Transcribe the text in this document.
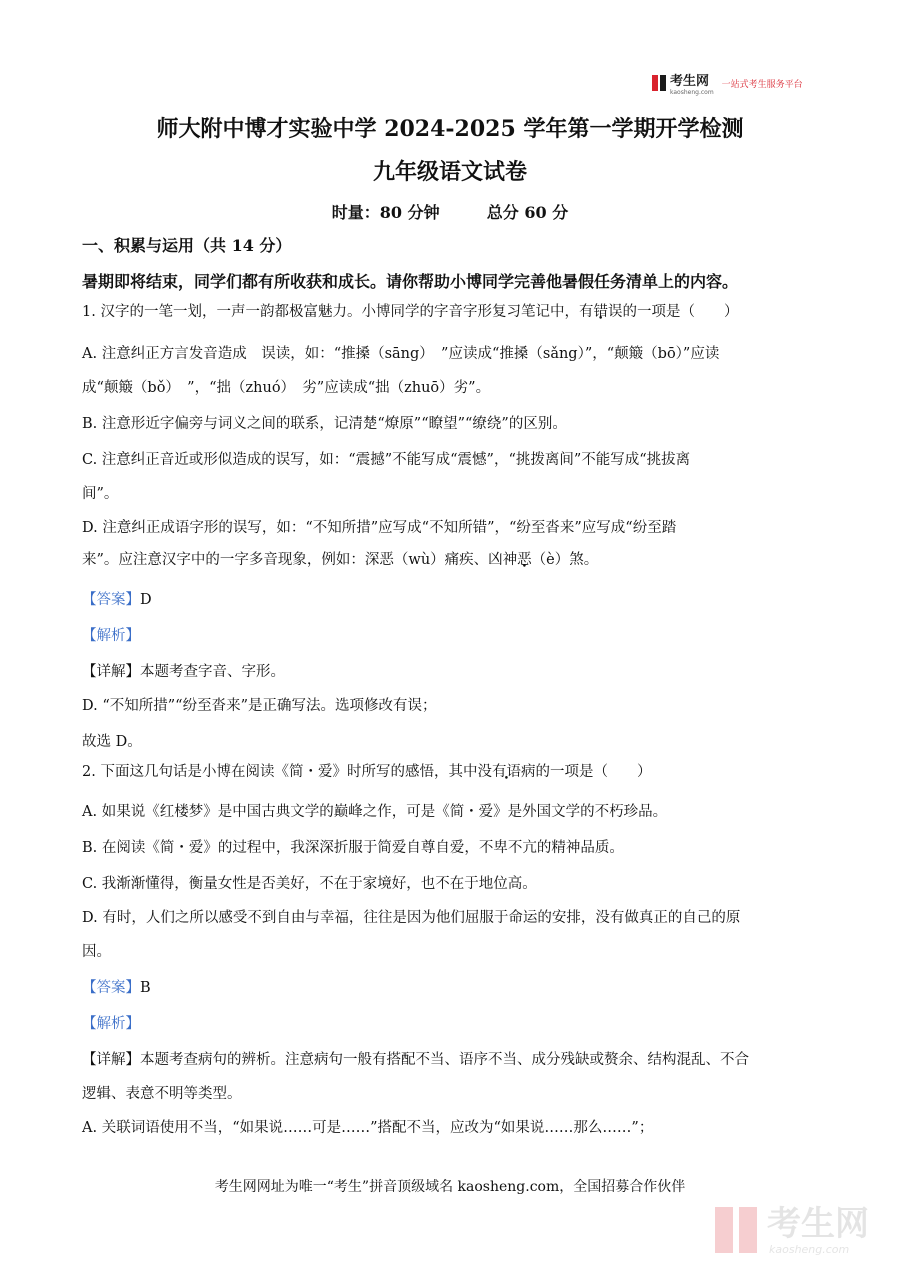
考生网
kaosheng.com
一站式考生服务平台
师大附中博才实验中学 2024-2025 学年第一学期开学检测
九年级语文试卷
时量：80 分钟	总分 60 分
一、积累与运用（共 14 分）
暑期即将结束，同学们都有所收获和成长。请你帮助小博同学完善他暑假任务清单上的内容。
1. 汉字的一笔一划，一声一韵都极富魅力。小博同学的字音字形复习笔记中，有错误的一项是（　　）
A. 注意纠正方言发音造成　误读，如：“推搡（sāng）　”应读成“推搡（sǎng）”，“颠簸（bō）”应读
成“颠簸（bǒ）　”，“拙（zhuó）　劣”应读成“拙（zhuō）劣”。
B. 注意形近字偏旁与词义之间的联系，记清楚“燎原”“瞭望”“缭绕”的区别。
C. 注意纠正音近或形似造成的误写，如：“震撼”不能写成“震憾”，“挑拨离间”不能写成“挑拔离
间”。
D. 注意纠正成语字形的误写，如：“不知所措”应写成“不知所错”，“纷至沓来”应写成“纷至踏
来”。应注意汉字中的一字多音现象，例如：深恶（wù）痛疾、凶神恶（è）煞。
【答案】D
【解析】
【详解】本题考查字音、字形。
D. “不知所措”“纷至沓来”是正确写法。选项修改有误；
故选 D。
2. 下面这几句话是小博在阅读《简・爱》时所写的感悟，其中没有语病的一项是（　　）
A. 如果说《红楼梦》是中国古典文学的巅峰之作，可是《简・爱》是外国文学的不朽珍品。
B. 在阅读《简・爱》的过程中，我深深折服于简爱自尊自爱，不卑不亢的精神品质。
C. 我渐渐懂得，衡量女性是否美好，不在于家境好，也不在于地位高。
D. 有时，人们之所以感受不到自由与幸福，往往是因为他们屈服于命运的安排，没有做真正的自己的原
因。
【答案】B
【解析】
【详解】本题考查病句的辨析。注意病句一般有搭配不当、语序不当、成分残缺或赘余、结构混乱、不合
逻辑、表意不明等类型。
A. 关联词语使用不当，“如果说……可是……”搭配不当，应改为“如果说……那么……”；
考生网网址为唯一“考生”拼音顶级域名 kaosheng.com，全国招募合作伙伴
考生网
kaosheng.com
